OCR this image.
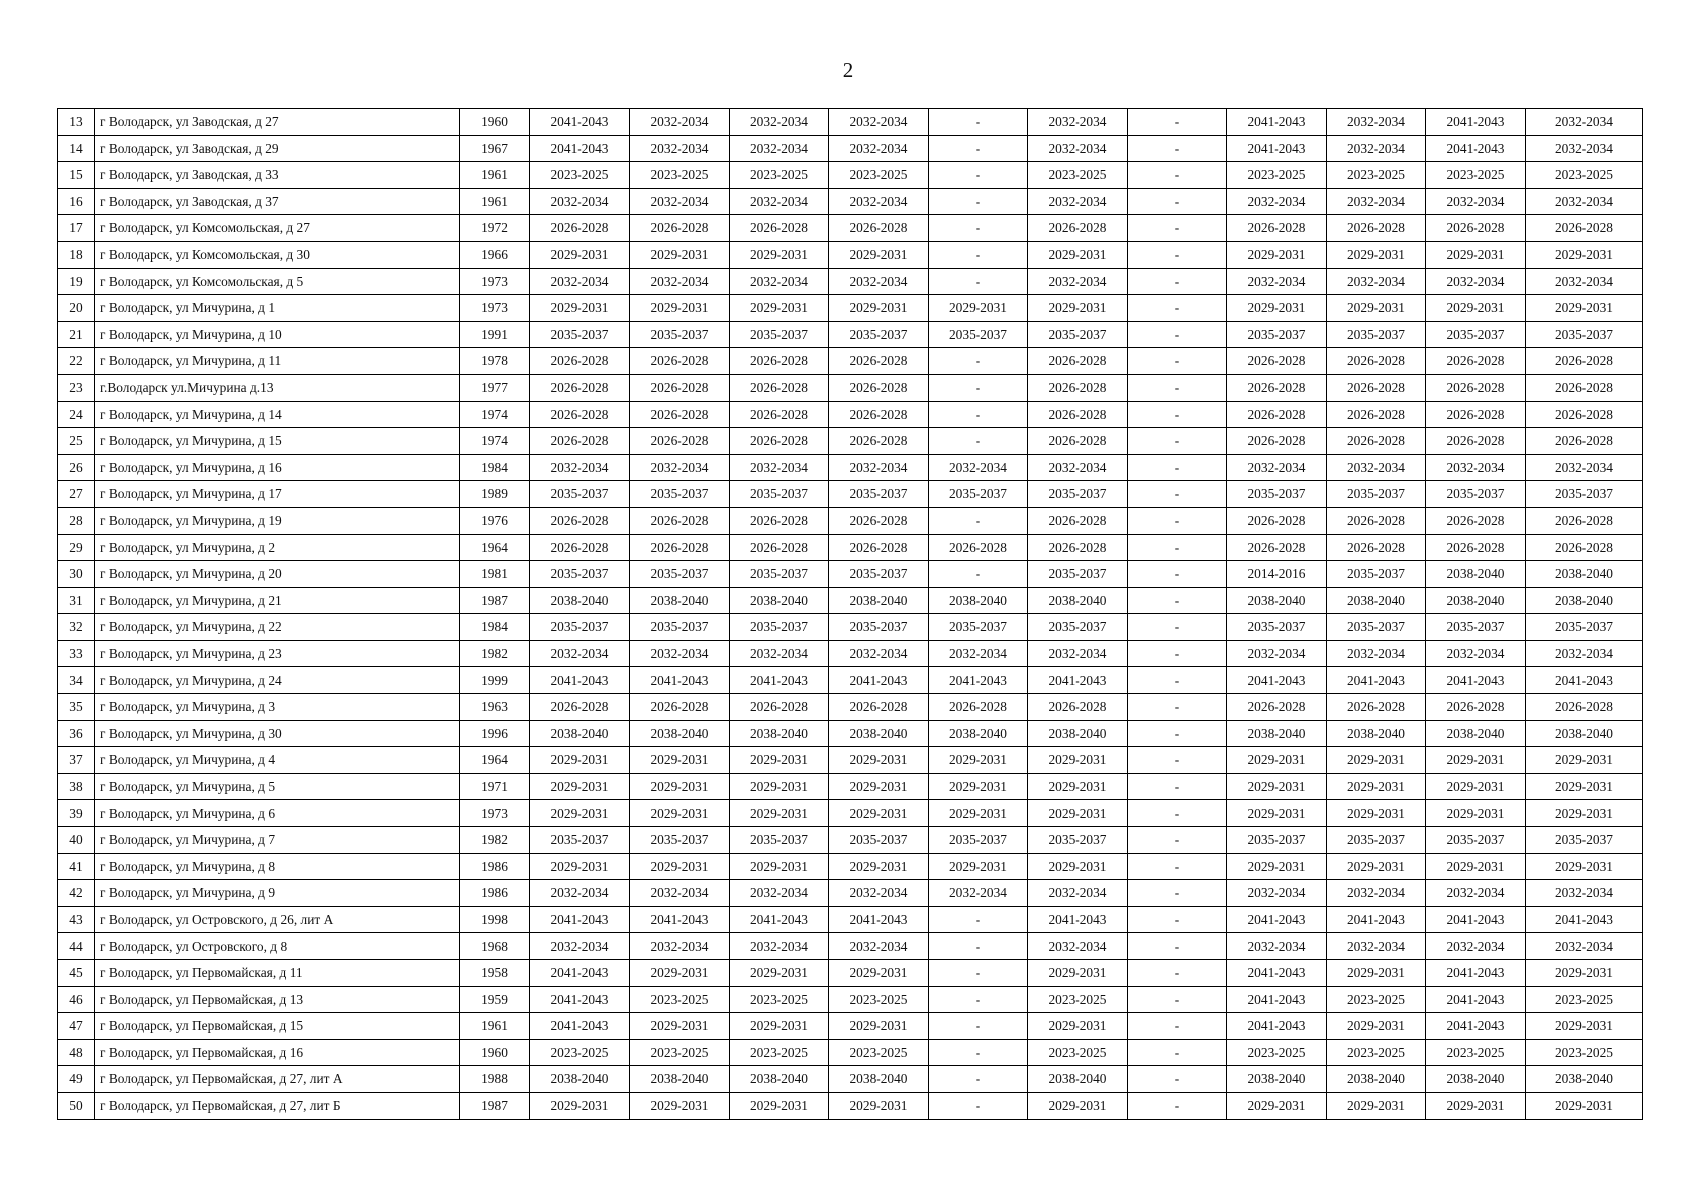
2
13	г Володарск, ул Заводская, д 27	1960	2041-2043	2032-2034	2032-2034	2032-2034	-	2032-2034	-	2041-2043	2032-2034	2041-2043	2032-2034
14	г Володарск, ул Заводская, д 29	1967	2041-2043	2032-2034	2032-2034	2032-2034	-	2032-2034	-	2041-2043	2032-2034	2041-2043	2032-2034
15	г Володарск, ул Заводская, д 33	1961	2023-2025	2023-2025	2023-2025	2023-2025	-	2023-2025	-	2023-2025	2023-2025	2023-2025	2023-2025
16	г Володарск, ул Заводская, д 37	1961	2032-2034	2032-2034	2032-2034	2032-2034	-	2032-2034	-	2032-2034	2032-2034	2032-2034	2032-2034
17	г Володарск, ул Комсомольская, д 27	1972	2026-2028	2026-2028	2026-2028	2026-2028	-	2026-2028	-	2026-2028	2026-2028	2026-2028	2026-2028
18	г Володарск, ул Комсомольская, д 30	1966	2029-2031	2029-2031	2029-2031	2029-2031	-	2029-2031	-	2029-2031	2029-2031	2029-2031	2029-2031
19	г Володарск, ул Комсомольская, д 5	1973	2032-2034	2032-2034	2032-2034	2032-2034	-	2032-2034	-	2032-2034	2032-2034	2032-2034	2032-2034
20	г Володарск, ул Мичурина, д 1	1973	2029-2031	2029-2031	2029-2031	2029-2031	2029-2031	2029-2031	-	2029-2031	2029-2031	2029-2031	2029-2031
21	г Володарск, ул Мичурина, д 10	1991	2035-2037	2035-2037	2035-2037	2035-2037	2035-2037	2035-2037	-	2035-2037	2035-2037	2035-2037	2035-2037
22	г Володарск, ул Мичурина, д 11	1978	2026-2028	2026-2028	2026-2028	2026-2028	-	2026-2028	-	2026-2028	2026-2028	2026-2028	2026-2028
23	г.Володарск ул.Мичурина д.13	1977	2026-2028	2026-2028	2026-2028	2026-2028	-	2026-2028	-	2026-2028	2026-2028	2026-2028	2026-2028
24	г Володарск, ул Мичурина, д 14	1974	2026-2028	2026-2028	2026-2028	2026-2028	-	2026-2028	-	2026-2028	2026-2028	2026-2028	2026-2028
25	г Володарск, ул Мичурина, д 15	1974	2026-2028	2026-2028	2026-2028	2026-2028	-	2026-2028	-	2026-2028	2026-2028	2026-2028	2026-2028
26	г Володарск, ул Мичурина, д 16	1984	2032-2034	2032-2034	2032-2034	2032-2034	2032-2034	2032-2034	-	2032-2034	2032-2034	2032-2034	2032-2034
27	г Володарск, ул Мичурина, д 17	1989	2035-2037	2035-2037	2035-2037	2035-2037	2035-2037	2035-2037	-	2035-2037	2035-2037	2035-2037	2035-2037
28	г Володарск, ул Мичурина, д 19	1976	2026-2028	2026-2028	2026-2028	2026-2028	-	2026-2028	-	2026-2028	2026-2028	2026-2028	2026-2028
29	г Володарск, ул Мичурина, д 2	1964	2026-2028	2026-2028	2026-2028	2026-2028	2026-2028	2026-2028	-	2026-2028	2026-2028	2026-2028	2026-2028
30	г Володарск, ул Мичурина, д 20	1981	2035-2037	2035-2037	2035-2037	2035-2037	-	2035-2037	-	2014-2016	2035-2037	2038-2040	2038-2040
31	г Володарск, ул Мичурина, д 21	1987	2038-2040	2038-2040	2038-2040	2038-2040	2038-2040	2038-2040	-	2038-2040	2038-2040	2038-2040	2038-2040
32	г Володарск, ул Мичурина, д 22	1984	2035-2037	2035-2037	2035-2037	2035-2037	2035-2037	2035-2037	-	2035-2037	2035-2037	2035-2037	2035-2037
33	г Володарск, ул Мичурина, д 23	1982	2032-2034	2032-2034	2032-2034	2032-2034	2032-2034	2032-2034	-	2032-2034	2032-2034	2032-2034	2032-2034
34	г Володарск, ул Мичурина, д 24	1999	2041-2043	2041-2043	2041-2043	2041-2043	2041-2043	2041-2043	-	2041-2043	2041-2043	2041-2043	2041-2043
35	г Володарск, ул Мичурина, д 3	1963	2026-2028	2026-2028	2026-2028	2026-2028	2026-2028	2026-2028	-	2026-2028	2026-2028	2026-2028	2026-2028
36	г Володарск, ул Мичурина, д 30	1996	2038-2040	2038-2040	2038-2040	2038-2040	2038-2040	2038-2040	-	2038-2040	2038-2040	2038-2040	2038-2040
37	г Володарск, ул Мичурина, д 4	1964	2029-2031	2029-2031	2029-2031	2029-2031	2029-2031	2029-2031	-	2029-2031	2029-2031	2029-2031	2029-2031
38	г Володарск, ул Мичурина, д 5	1971	2029-2031	2029-2031	2029-2031	2029-2031	2029-2031	2029-2031	-	2029-2031	2029-2031	2029-2031	2029-2031
39	г Володарск, ул Мичурина, д 6	1973	2029-2031	2029-2031	2029-2031	2029-2031	2029-2031	2029-2031	-	2029-2031	2029-2031	2029-2031	2029-2031
40	г Володарск, ул Мичурина, д 7	1982	2035-2037	2035-2037	2035-2037	2035-2037	2035-2037	2035-2037	-	2035-2037	2035-2037	2035-2037	2035-2037
41	г Володарск, ул Мичурина, д 8	1986	2029-2031	2029-2031	2029-2031	2029-2031	2029-2031	2029-2031	-	2029-2031	2029-2031	2029-2031	2029-2031
42	г Володарск, ул Мичурина, д 9	1986	2032-2034	2032-2034	2032-2034	2032-2034	2032-2034	2032-2034	-	2032-2034	2032-2034	2032-2034	2032-2034
43	г Володарск, ул Островского, д 26, лит А	1998	2041-2043	2041-2043	2041-2043	2041-2043	-	2041-2043	-	2041-2043	2041-2043	2041-2043	2041-2043
44	г Володарск, ул Островского, д 8	1968	2032-2034	2032-2034	2032-2034	2032-2034	-	2032-2034	-	2032-2034	2032-2034	2032-2034	2032-2034
45	г Володарск, ул Первомайская, д 11	1958	2041-2043	2029-2031	2029-2031	2029-2031	-	2029-2031	-	2041-2043	2029-2031	2041-2043	2029-2031
46	г Володарск, ул Первомайская, д 13	1959	2041-2043	2023-2025	2023-2025	2023-2025	-	2023-2025	-	2041-2043	2023-2025	2041-2043	2023-2025
47	г Володарск, ул Первомайская, д 15	1961	2041-2043	2029-2031	2029-2031	2029-2031	-	2029-2031	-	2041-2043	2029-2031	2041-2043	2029-2031
48	г Володарск, ул Первомайская, д 16	1960	2023-2025	2023-2025	2023-2025	2023-2025	-	2023-2025	-	2023-2025	2023-2025	2023-2025	2023-2025
49	г Володарск, ул Первомайская, д 27, лит А	1988	2038-2040	2038-2040	2038-2040	2038-2040	-	2038-2040	-	2038-2040	2038-2040	2038-2040	2038-2040
50	г Володарск, ул Первомайская, д 27, лит Б	1987	2029-2031	2029-2031	2029-2031	2029-2031	-	2029-2031	-	2029-2031	2029-2031	2029-2031	2029-2031
